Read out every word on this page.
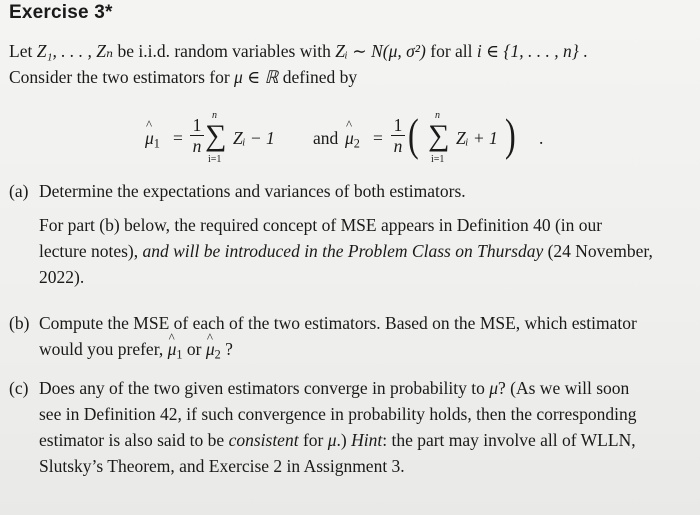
Exercise 3*
Let Z₁, . . . , Zₙ be i.i.d. random variables with Zᵢ ∼ N(μ, σ²) for all i ∈ {1, . . . , n} .
Consider the two estimators for μ ∈ ℝ defined by
^ $\mu_1$ =
1
n
n
∑
i=1
Zᵢ − 1 and
^ $\mu_2$ =
1
n ( n
∑
i=1
Zᵢ + 1 ) .
(a) Determine the expectations and variances of both estimators.
For part (b) below, the required concept of MSE appears in Definition 40 (in our
lecture notes), and will be introduced in the Problem Class on Thursday (24 November,
2022).
(b) Compute the MSE of each of the two estimators. Based on the MSE, which estimator
would you prefer, ^ $\mu_1$ or ^ $\mu_2$ ?
(c) Does any of the two given estimators converge in probability to μ? (As we will soon
see in Definition 42, if such convergence in probability holds, then the corresponding
estimator is also said to be consistent for μ.) Hint: the part may involve all of WLLN,
Slutsky’s Theorem, and Exercise 2 in Assignment 3.
